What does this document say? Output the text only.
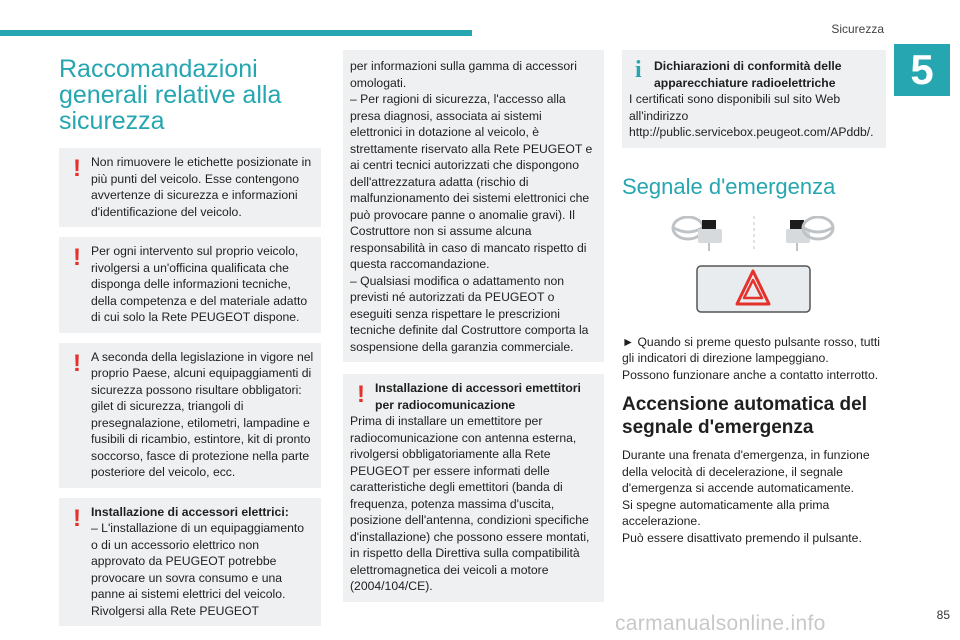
Sicurezza
5
Raccomandazioni generali relative alla sicurezza
! Non rimuovere le etichette posizionate in più punti del veicolo. Esse contengono avvertenze di sicurezza e informazioni d'identificazione del veicolo.

! Per ogni intervento sul proprio veicolo, rivolgersi a un'officina qualificata che disponga delle informazioni tecniche, della competenza e del materiale adatto di cui solo la Rete PEUGEOT dispone.

! A seconda della legislazione in vigore nel proprio Paese, alcuni equipaggiamenti di sicurezza possono risultare obbligatori: gilet di sicurezza, triangoli di presegnalazione, etilometri, lampadine e fusibili di ricambio, estintore, kit di pronto soccorso, fasce di protezione nella parte posteriore del veicolo, ecc.

! Installazione di accessori elettrici:

– L'installazione di un equipaggiamento o di un accessorio elettrico non approvato da PEUGEOT potrebbe provocare un sovra consumo e una panne ai sistemi elettrici del veicolo. Rivolgersi alla Rete PEUGEOT

per informazioni sulla gamma di accessori omologati.

– Per ragioni di sicurezza, l'accesso alla presa diagnosi, associata ai sistemi elettronici in dotazione al veicolo, è strettamente riservato alla Rete PEUGEOT e ai centri tecnici autorizzati che dispongono dell'attrezzatura adatta (rischio di malfunzionamento dei sistemi elettronici che può provocare panne o anomalie gravi). Il Costruttore non si assume alcuna responsabilità in caso di mancato rispetto di questa raccomandazione.

– Qualsiasi modifica o adattamento non previsti né autorizzati da PEUGEOT o eseguiti senza rispettare le prescrizioni tecniche definite dal Costruttore comporta la sospensione della garanzia commerciale.

! Installazione di accessori emettitori per radiocomunicazione

Prima di installare un emettitore per radiocomunicazione con antenna esterna, rivolgersi obbligatoriamente alla Rete PEUGEOT per essere informati delle caratteristiche degli emettitori (banda di frequenza, potenza massima d'uscita, posizione dell'antenna, condizioni specifiche d'installazione) che possono essere montati, in rispetto della Direttiva sulla compatibilità elettromagnetica dei veicoli a motore (2004/104/CE).

i	Dichiarazioni di conformità delle apparecchiature radioelettriche

I certificati sono disponibili sul sito Web all'indirizzo http://public.servicebox.peugeot.com/APddb/.

Segnale d'emergenza

► Quando si preme questo pulsante rosso, tutti gli indicatori di direzione lampeggiano.

Possono funzionare anche a contatto interrotto.

Accensione automatica del segnale d'emergenza

Durante una frenata d'emergenza, in funzione della velocità di decelerazione, il segnale d'emergenza si accende automaticamente.

Si spegne automaticamente alla prima accelerazione.

Può essere disattivato premendo il pulsante.

carmanualsonline.info	85
